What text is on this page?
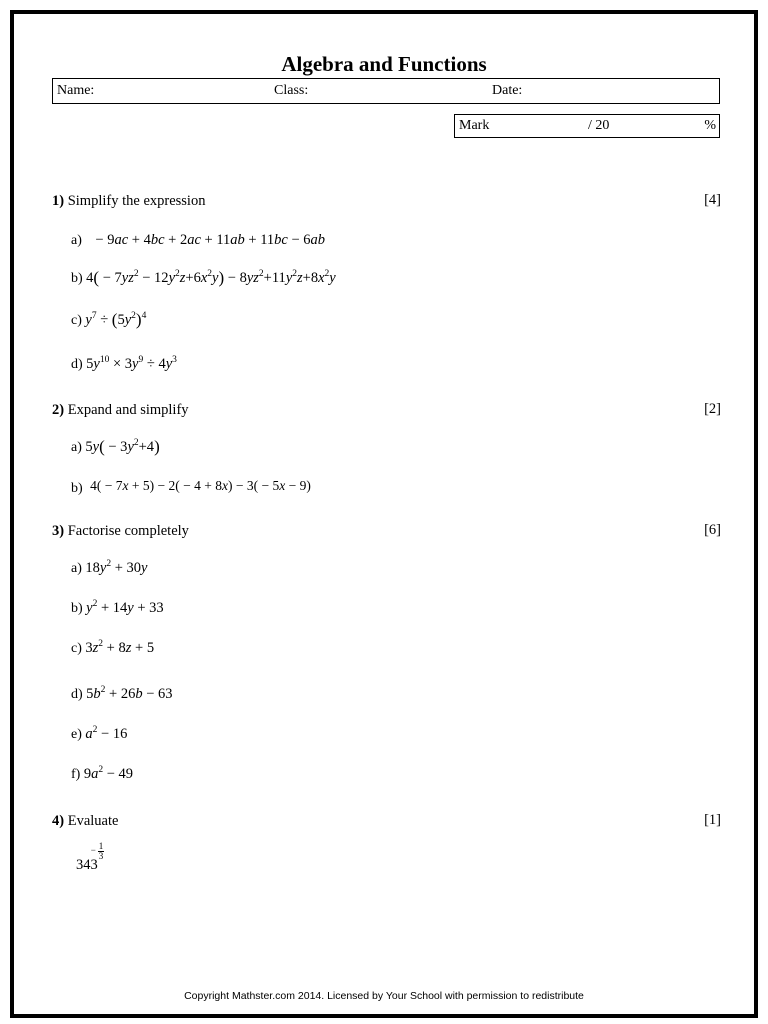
Algebra and Functions
Name:	Class:	Date:
Mark	/ 20	%
1) Simplify the expression	[4]
a) − 9ac + 4bc + 2ac + 11ab + 11bc − 6ab
b) $4( - 7yz^2 - 12y^2z+6x^2y) - 8yz^2+11y^2z+8x^2y$
c) $y^7 \div (5y^2)^4$
d) $5y^{10} \times 3y^9 \div 4y^3$
2) Expand and simplify	[2]
a) $5y( - 3y^2+4)$
b) 4( − 7x + 5) − 2( − 4 + 8x) − 3( − 5x − 9)
3) Factorise completely	[6]
a) $18y^2 + 30y$
b) $y^2 + 14y + 33$
c) $3z^2 + 8z + 5$
d) $5b^2 + 26b - 63$
e) $a^2 - 16$
f) $9a^2 - 49$
4) Evaluate	[1]
343
− 1
3
Copyright Mathster.com 2014. Licensed by Your School with permission to redistribute
